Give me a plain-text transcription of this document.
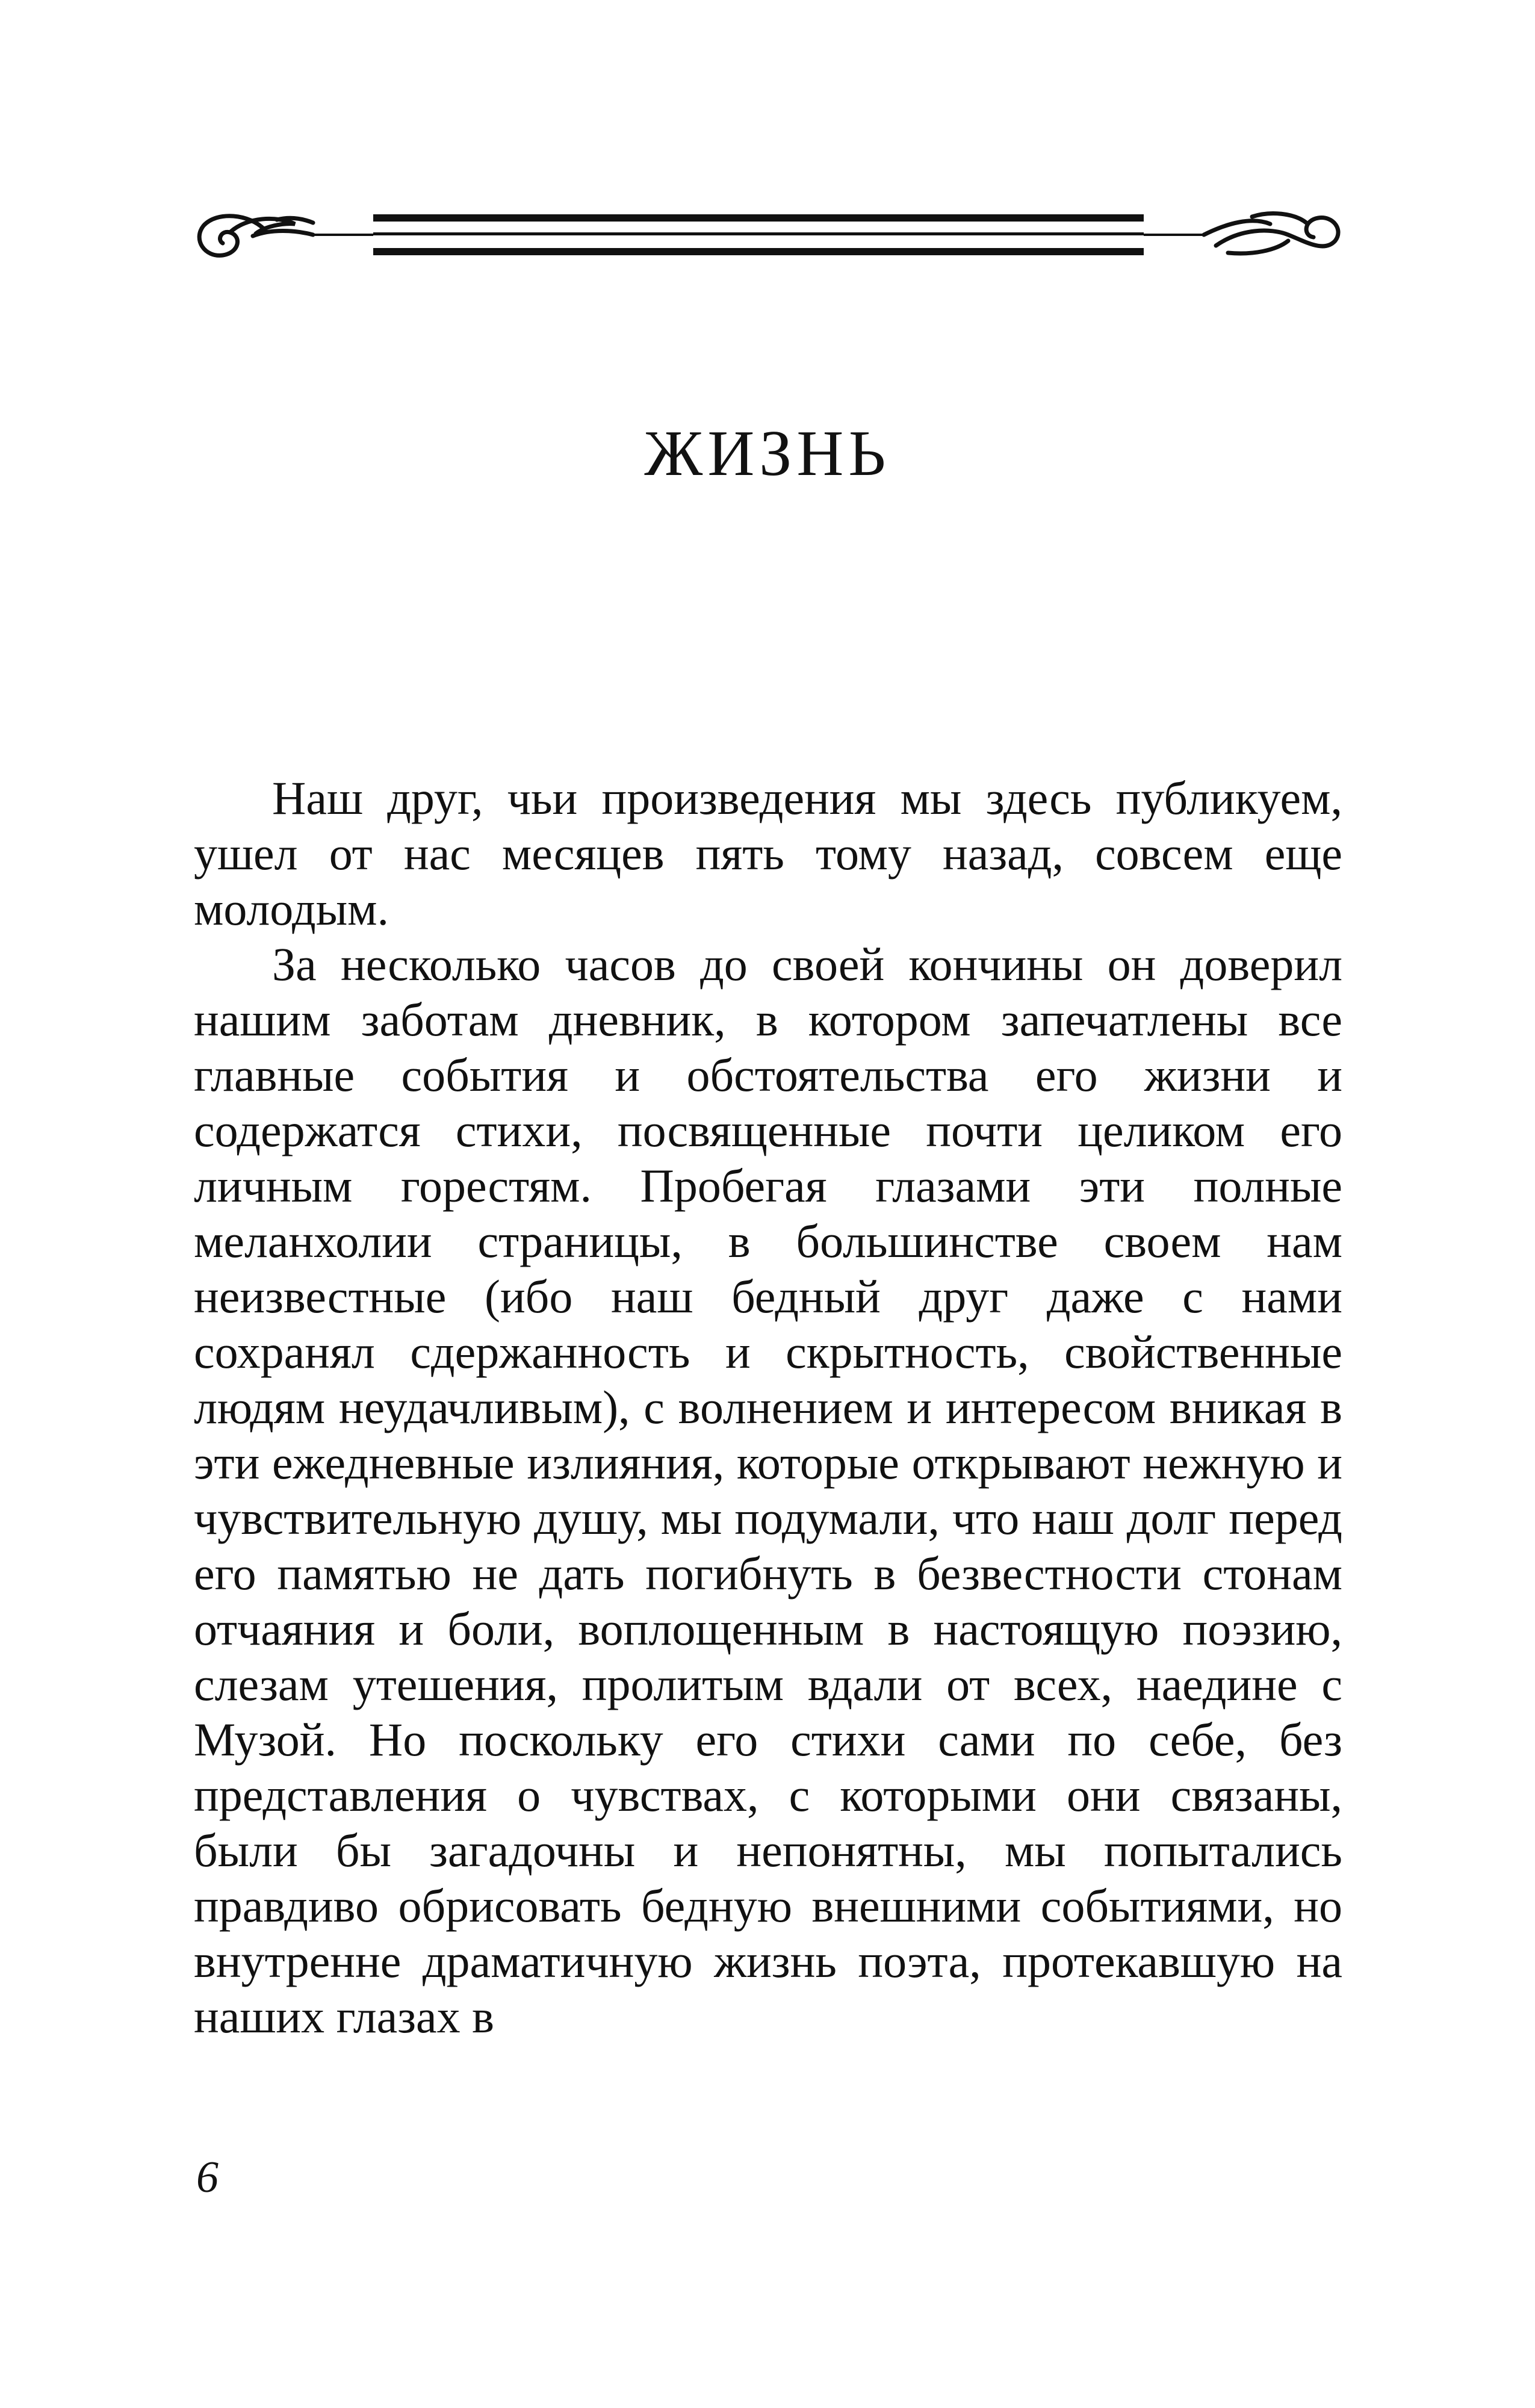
ЖИЗНЬ

Наш друг, чьи произведения мы здесь публикуем, ушел от нас месяцев пять тому назад, совсем еще молодым.

За несколько часов до своей кончины он доверил нашим заботам дневник, в котором запечатлены все главные события и обстоятельства его жизни и содержатся стихи, посвященные почти целиком его личным горестям. Пробегая глазами эти полные меланхолии страницы, в большинстве своем нам неизвестные (ибо наш бедный друг даже с нами сохранял сдержанность и скрытность, свойственные людям неудачливым), с волнением и интересом вникая в эти ежедневные излияния, которые открывают нежную и чувствительную душу, мы подумали, что наш долг перед его памятью не дать погибнуть в безвестности стонам отчаяния и боли, воплощенным в настоящую поэзию, слезам утешения, пролитым вдали от всех, наедине с Музой. Но поскольку его стихи сами по себе, без представления о чувствах, с которыми они связаны, были бы загадочны и непонятны, мы попытались правдиво обрисовать бедную внешними событиями, но внутренне драматичную жизнь поэта, протекавшую на наших глазах в

6
